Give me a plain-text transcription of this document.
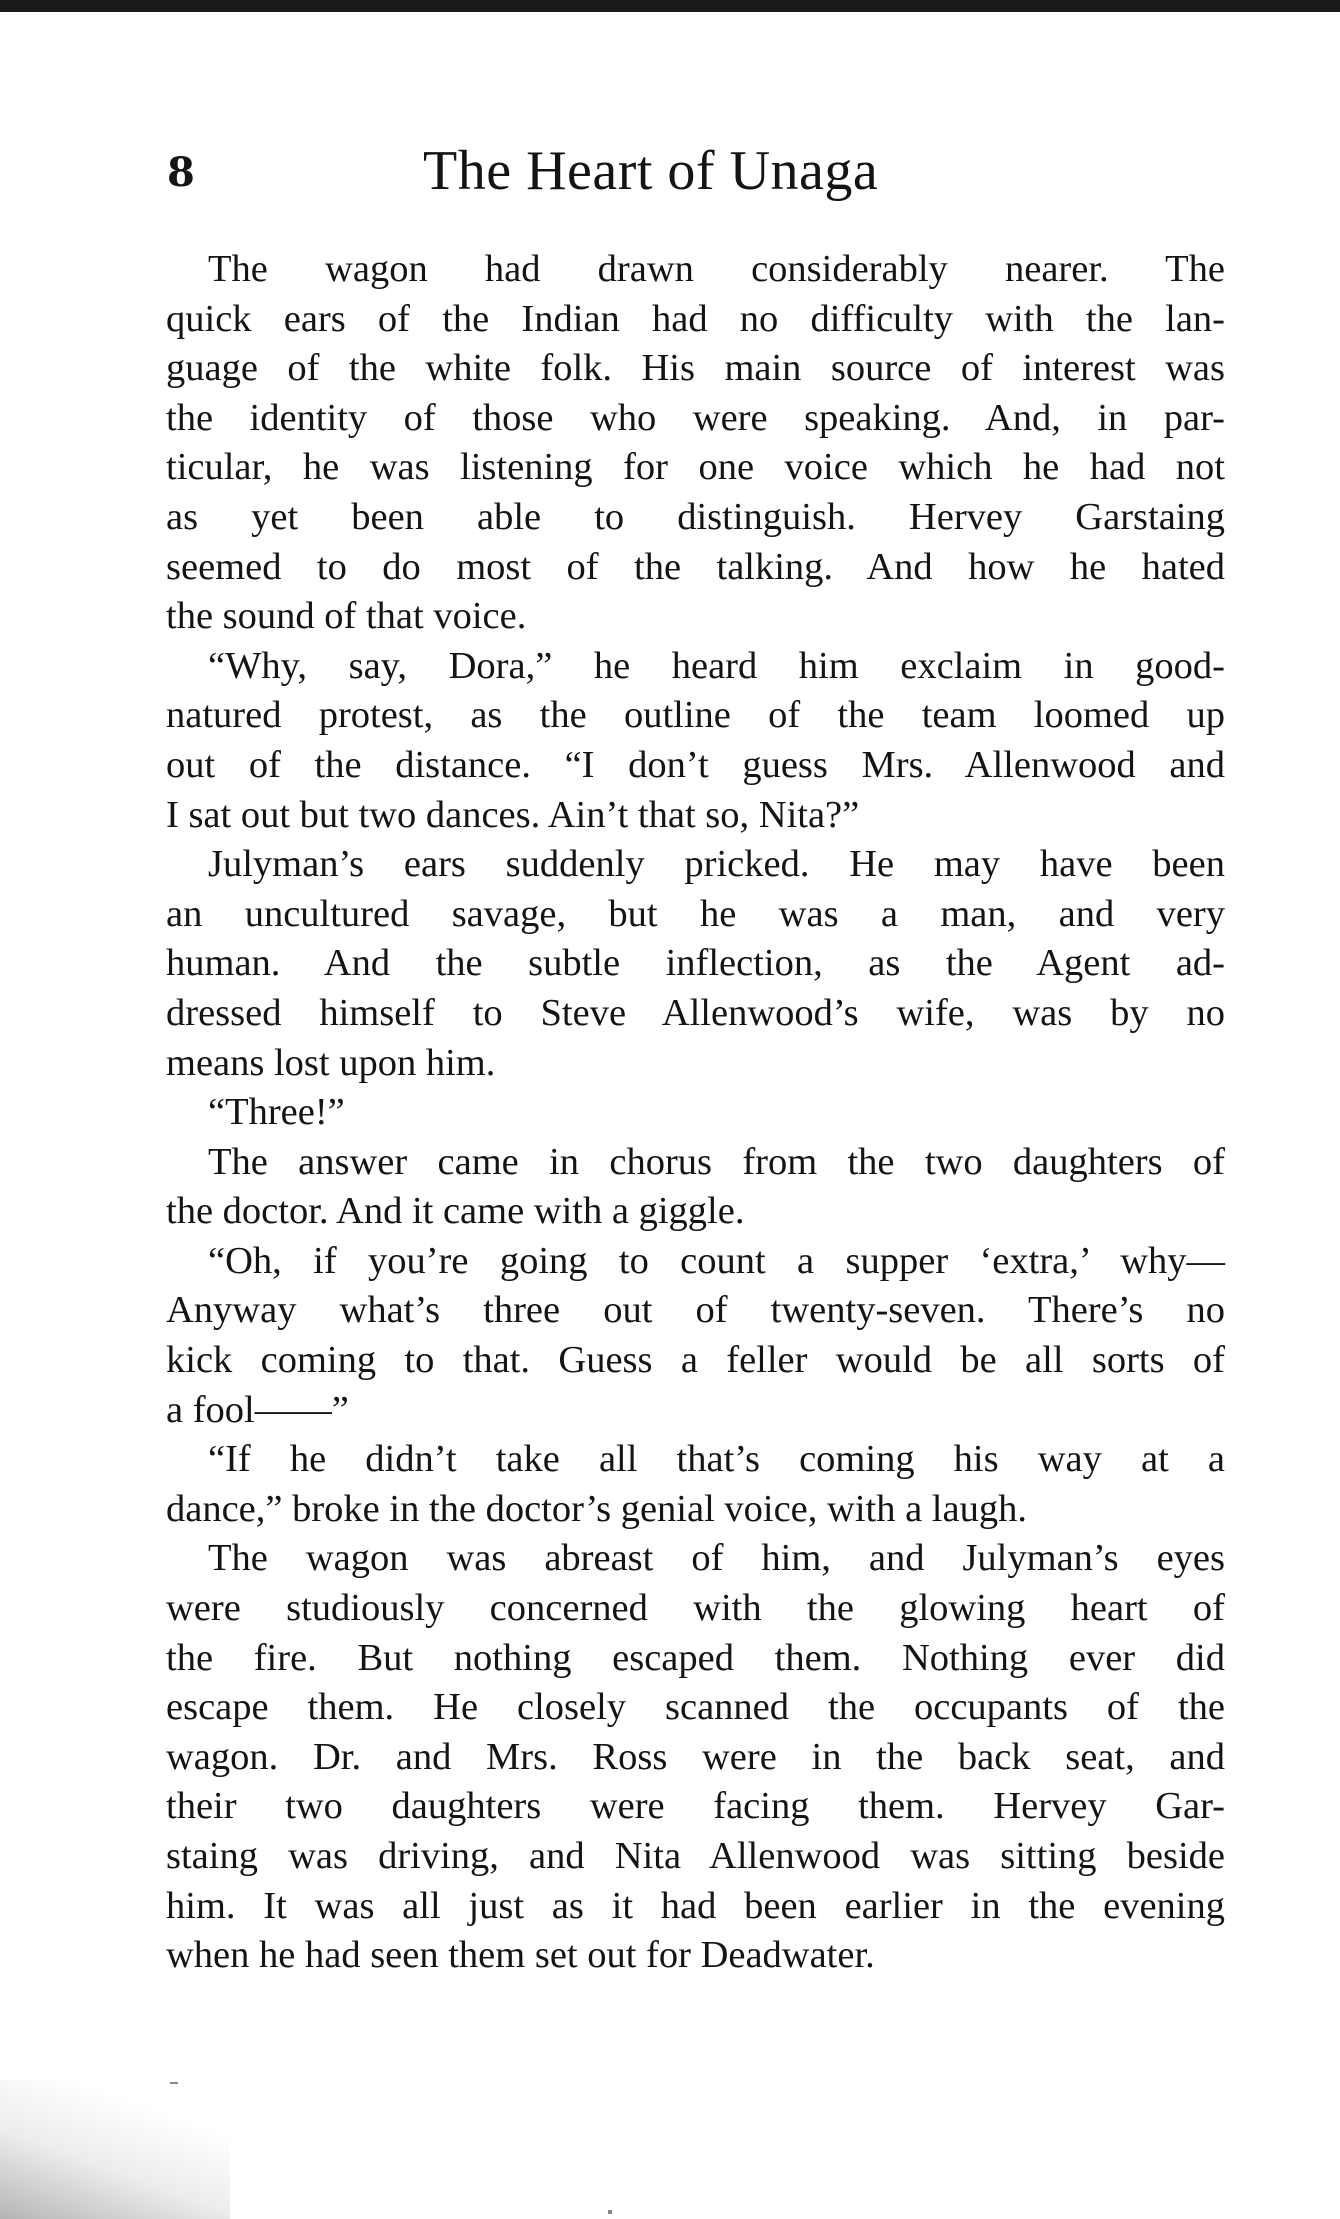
8	The Heart of Unaga
The wagon had drawn considerably nearer. The
quick ears of the Indian had no difficulty with the lan-
guage of the white folk. His main source of interest was
the identity of those who were speaking. And, in par-
ticular, he was listening for one voice which he had not
as yet been able to distinguish. Hervey Garstaing
seemed to do most of the talking. And how he hated
the sound of that voice.
“Why, say, Dora,” he heard him exclaim in good-
natured protest, as the outline of the team loomed up
out of the distance. “I don’t guess Mrs. Allenwood and
I sat out but two dances. Ain’t that so, Nita?”
Julyman’s ears suddenly pricked. He may have been
an uncultured savage, but he was a man, and very
human. And the subtle inflection, as the Agent ad-
dressed himself to Steve Allenwood’s wife, was by no
means lost upon him.
“Three!”
The answer came in chorus from the two daughters of
the doctor. And it came with a giggle.
“Oh, if you’re going to count a supper ‘extra,’ why—
Anyway what’s three out of twenty-seven. There’s no
kick coming to that. Guess a feller would be all sorts of
a fool——”
“If he didn’t take all that’s coming his way at a
dance,” broke in the doctor’s genial voice, with a laugh.
The wagon was abreast of him, and Julyman’s eyes
were studiously concerned with the glowing heart of
the fire. But nothing escaped them. Nothing ever did
escape them. He closely scanned the occupants of the
wagon. Dr. and Mrs. Ross were in the back seat, and
their two daughters were facing them. Hervey Gar-
staing was driving, and Nita Allenwood was sitting beside
him. It was all just as it had been earlier in the evening
when he had seen them set out for Deadwater.
